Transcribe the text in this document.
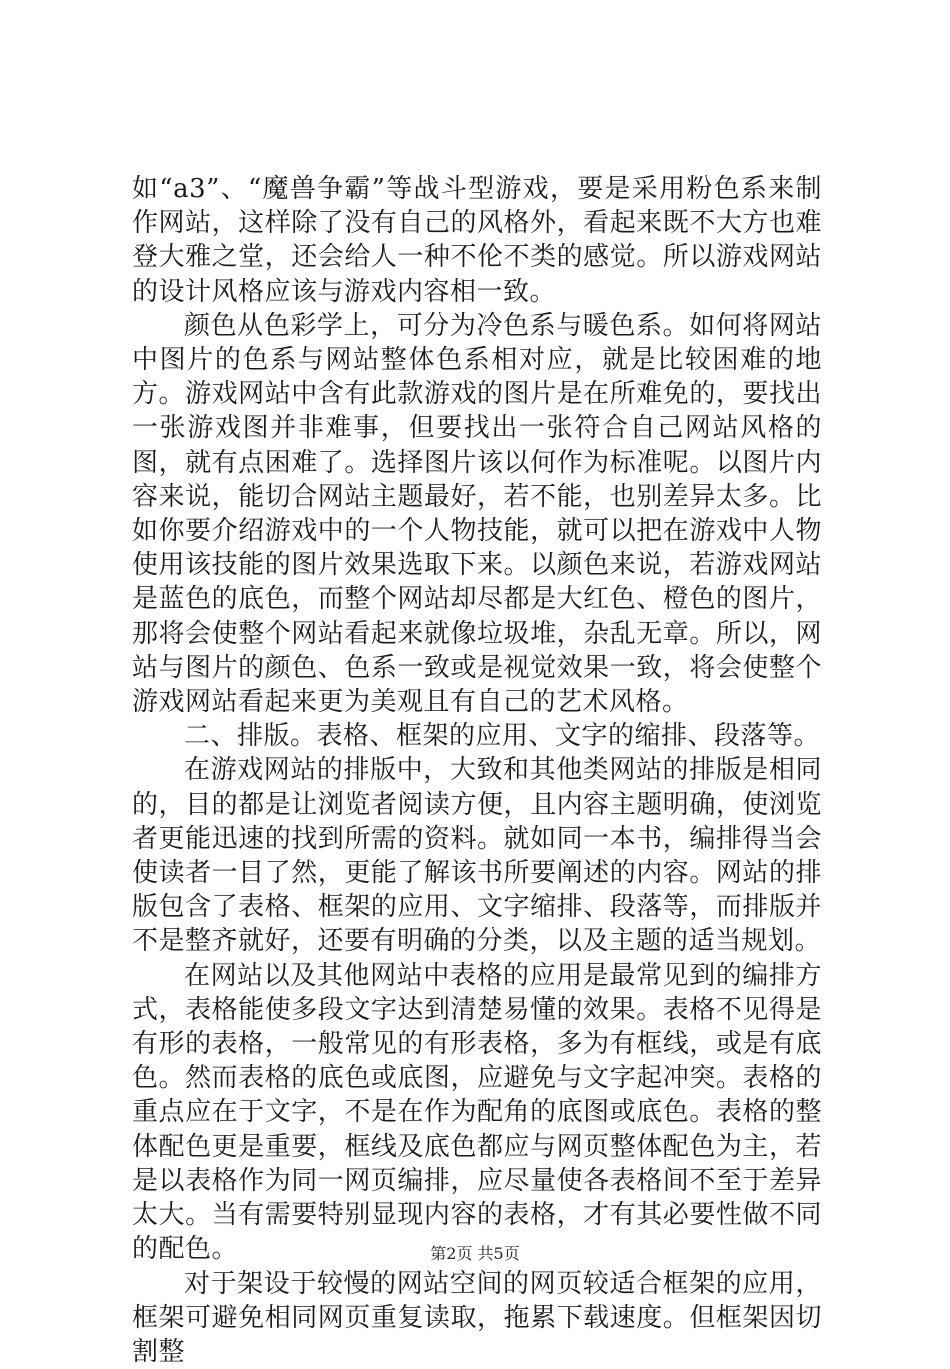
如“a3”、“魔兽争霸”等战斗型游戏，要是采用粉色系来制作网站，这样除了没有自己的风格外，看起来既不大方也难登大雅之堂，还会给人一种不伦不类的感觉。所以游戏网站的设计风格应该与游戏内容相一致。

颜色从色彩学上，可分为冷色系与暖色系。如何将网站中图片的色系与网站整体色系相对应，就是比较困难的地方。游戏网站中含有此款游戏的图片是在所难免的，要找出一张游戏图并非难事，但要找出一张符合自己网站风格的图，就有点困难了。选择图片该以何作为标准呢。以图片内容来说，能切合网站主题最好，若不能，也别差异太多。比如你要介绍游戏中的一个人物技能，就可以把在游戏中人物使用该技能的图片效果选取下来。以颜色来说，若游戏网站是蓝色的底色，而整个网站却尽都是大红色、橙色的图片，那将会使整个网站看起来就像垃圾堆，杂乱无章。所以，网站与图片的颜色、色系一致或是视觉效果一致，将会使整个游戏网站看起来更为美观且有自己的艺术风格。

二、排版。表格、框架的应用、文字的缩排、段落等。

在游戏网站的排版中，大致和其他类网站的排版是相同的，目的都是让浏览者阅读方便，且内容主题明确，使浏览者更能迅速的找到所需的资料。就如同一本书，编排得当会使读者一目了然，更能了解该书所要阐述的内容。网站的排版包含了表格、框架的应用、文字缩排、段落等，而排版并不是整齐就好，还要有明确的分类，以及主题的适当规划。

在网站以及其他网站中表格的应用是最常见到的编排方式，表格能使多段文字达到清楚易懂的效果。表格不见得是有形的表格，一般常见的有形表格，多为有框线，或是有底色。然而表格的底色或底图，应避免与文字起冲突。表格的重点应在于文字，不是在作为配角的底图或底色。表格的整体配色更是重要，框线及底色都应与网页整体配色为主，若是以表格作为同一网页编排，应尽量使各表格间不至于差异太大。当有需要特别显现内容的表格，才有其必要性做不同的配色。

对于架设于较慢的网站空间的网页较适合框架的应用，框架可避免相同网页重复读取，拖累下载速度。但框架因切割整

第2页 共5页
